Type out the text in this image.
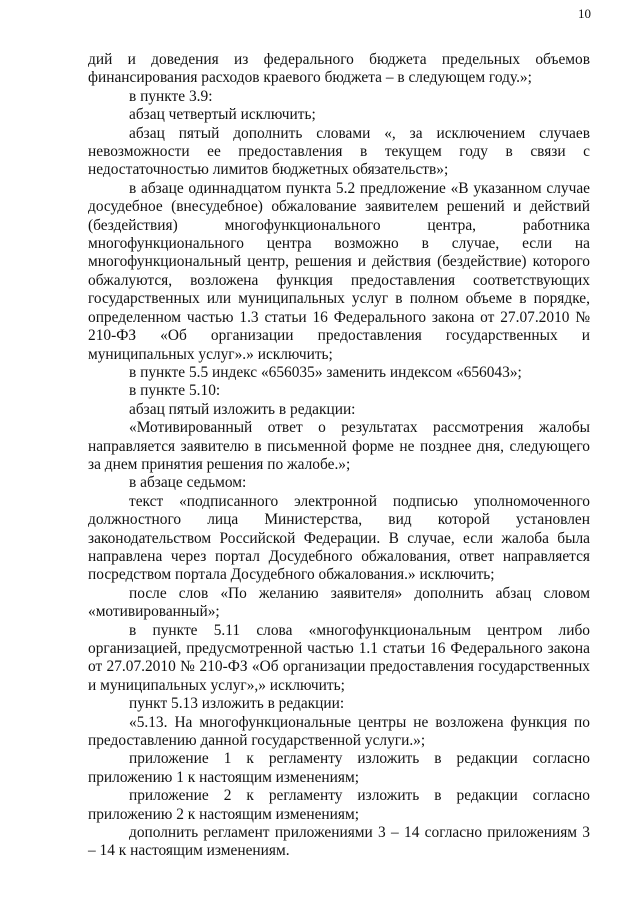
10

дий и доведения из федерального бюджета предельных объемов финансирования расходов краевого бюджета – в следующем году.»;

в пункте 3.9:

абзац четвертый исключить;

абзац пятый дополнить словами «, за исключением случаев невозможности ее предоставления в текущем году в связи с недостаточностью лимитов бюджетных обязательств»;

в абзаце одиннадцатом пункта 5.2 предложение «В указанном случае досудебное (внесудебное) обжалование заявителем решений и действий (бездействия) многофункционального центра, работника многофункционального центра возможно в случае, если на многофункциональный центр, решения и действия (бездействие) которого обжалуются, возложена функция предоставления соответствующих государственных или муниципальных услуг в полном объеме в порядке, определенном частью 1.3 статьи 16 Федерального закона от 27.07.2010 № 210-ФЗ «Об организации предоставления государственных и муниципальных услуг».» исключить;

в пункте 5.5 индекс «656035» заменить индексом «656043»;

в пункте 5.10:

абзац пятый изложить в редакции:

«Мотивированный ответ о результатах рассмотрения жалобы направляется заявителю в письменной форме не позднее дня, следующего за днем принятия решения по жалобе.»;

в абзаце седьмом:

текст «подписанного электронной подписью уполномоченного должностного лица Министерства, вид которой установлен законодательством Российской Федерации. В случае, если жалоба была направлена через портал Досудебного обжалования, ответ направляется посредством портала Досудебного обжалования.» исключить;

после слов «По желанию заявителя» дополнить абзац словом «мотивированный»;

в пункте 5.11 слова «многофункциональным центром либо организацией, предусмотренной частью 1.1 статьи 16 Федерального закона от 27.07.2010 № 210-ФЗ «Об организации предоставления государственных и муниципальных услуг»,» исключить;

пункт 5.13 изложить в редакции:

«5.13. На многофункциональные центры не возложена функция по предоставлению данной государственной услуги.»;

приложение 1 к регламенту изложить в редакции согласно приложению 1 к настоящим изменениям;

приложение 2 к регламенту изложить в редакции согласно приложению 2 к настоящим изменениям;

дополнить регламент приложениями 3 – 14 согласно приложениям 3 – 14 к настоящим изменениям.
